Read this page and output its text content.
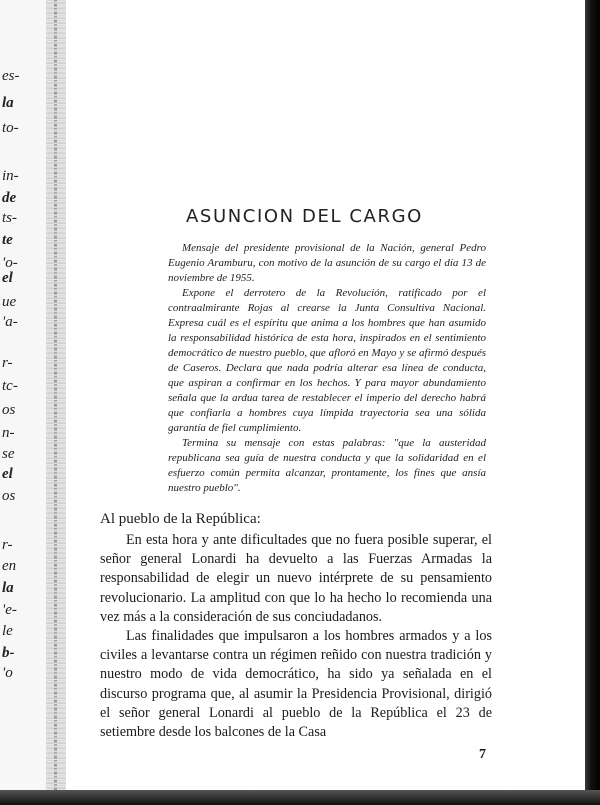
es-
la
to-
in-
de
ts-
te
'o-
el
ue
'a-
r-
tc-
os
n-
se
el
os
r-
en
la
'e-
le
b-
'o
ASUNCION DEL CARGO

Mensaje del presidente provisional de la Nación, general Pedro Eugenio Aramburu, con motivo de la asunción de su cargo el día 13 de noviembre de 1955.

Expone el derrotero de la Revolución, ratificado por el contraalmirante Rojas al crearse la Junta Consultiva Nacional. Expresa cuál es el espíritu que anima a los hombres que han asumido la responsabilidad histórica de esta hora, inspirados en el sentimiento democrático de nuestro pueblo, que afloró en Mayo y se afirmó después de Caseros. Declara que nada podría alterar esa línea de conducta, que aspiran a confirmar en los hechos. Y para mayor abundamiento señala que la ardua tarea de restablecer el imperio del derecho habrá que confiarla a hombres cuya límpida trayectoria sea una sólida garantía de fiel cumplimiento.

Termina su mensaje con estas palabras: "que la austeridad republicana sea guía de nuestra conducta y que la solidaridad en el esfuerzo común permita alcanzar, prontamente, los fines que ansía nuestro pueblo".

Al pueblo de la República:

En esta hora y ante dificultades que no fuera posible superar, el señor general Lonardi ha devuelto a las Fuerzas Armadas la responsabilidad de elegir un nuevo intérprete de su pensamiento revolucionario. La amplitud con que lo ha hecho lo recomienda una vez más a la consideración de sus conciudadanos.

Las finalidades que impulsaron a los hombres armados y a los civiles a levantarse contra un régimen reñido con nuestra tradición y nuestro modo de vida democrático, ha sido ya señalada en el discurso programa que, al asumir la Presidencia Provisional, dirigió el señor general Lonardi al pueblo de la República el 23 de setiembre desde los balcones de la Casa

7
